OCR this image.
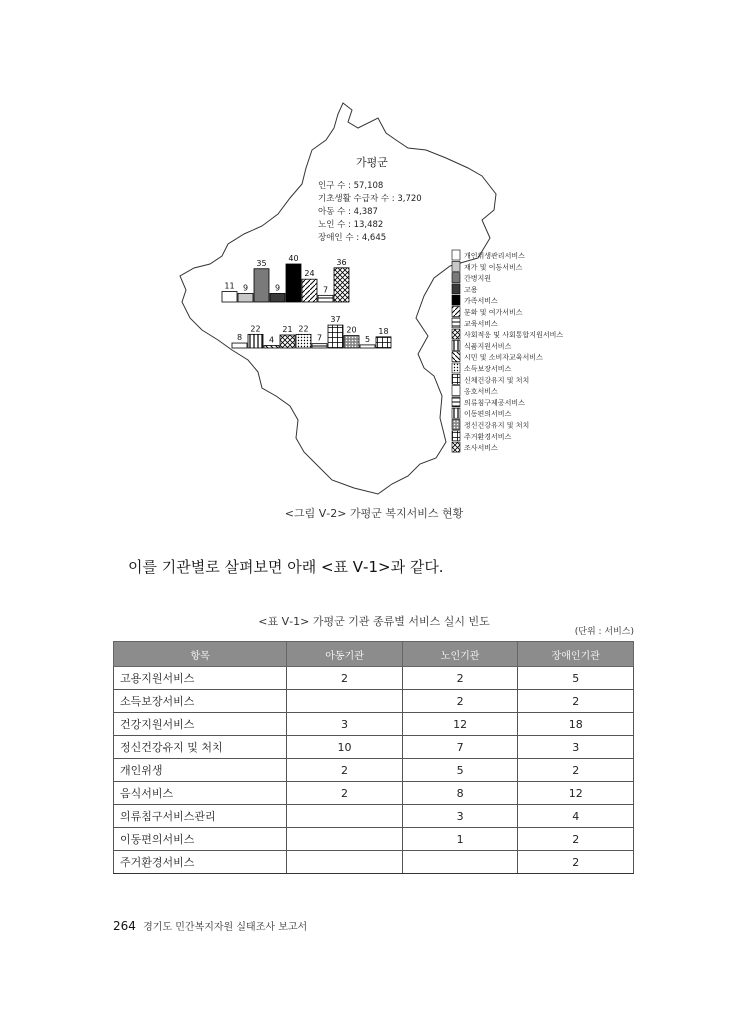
가평군
인구 수 : 57,108
기초생활 수급자 수 : 3,720
아동 수 : 4,387
노인 수 : 13,482
장애인 수 : 4,645
11 9
35
9
40
24
7
36
8
22
4
21 22
7
37
20
5
18
개인위생관리서비스
재가 및 이동서비스
간병지원
고용
가족서비스
문화 및 여가서비스
교육서비스
사회적응 및 사회통합지원서비스
식품지원서비스
시민 및 소비자교육서비스
소득보장서비스
신체건강유지 및 처치
옹호서비스
의류침구제공서비스
이동편의서비스
정신건강유지 및 처치
주거환경서비스
조사서비스
<그림 Ⅴ-2> 가평군 복지서비스 현황
이를 기관별로 살펴보면 아래 <표 Ⅴ-1>과 같다.
<표 Ⅴ-1> 가평군 기관 종류별 서비스 실시 빈도
(단위 : 서비스)
항목	아동기관	노인기관	장애인기관
고용지원서비스	2	2	5
소득보장서비스		2	2
건강지원서비스	3	12	18
정신건강유지 및 처치	10	7	3
개인위생	2	5	2
음식서비스	2	8	12
의류침구서비스관리		3	4
이동편의서비스		1	2
주거환경서비스			2
264 경기도 민간복지자원 실태조사 보고서
